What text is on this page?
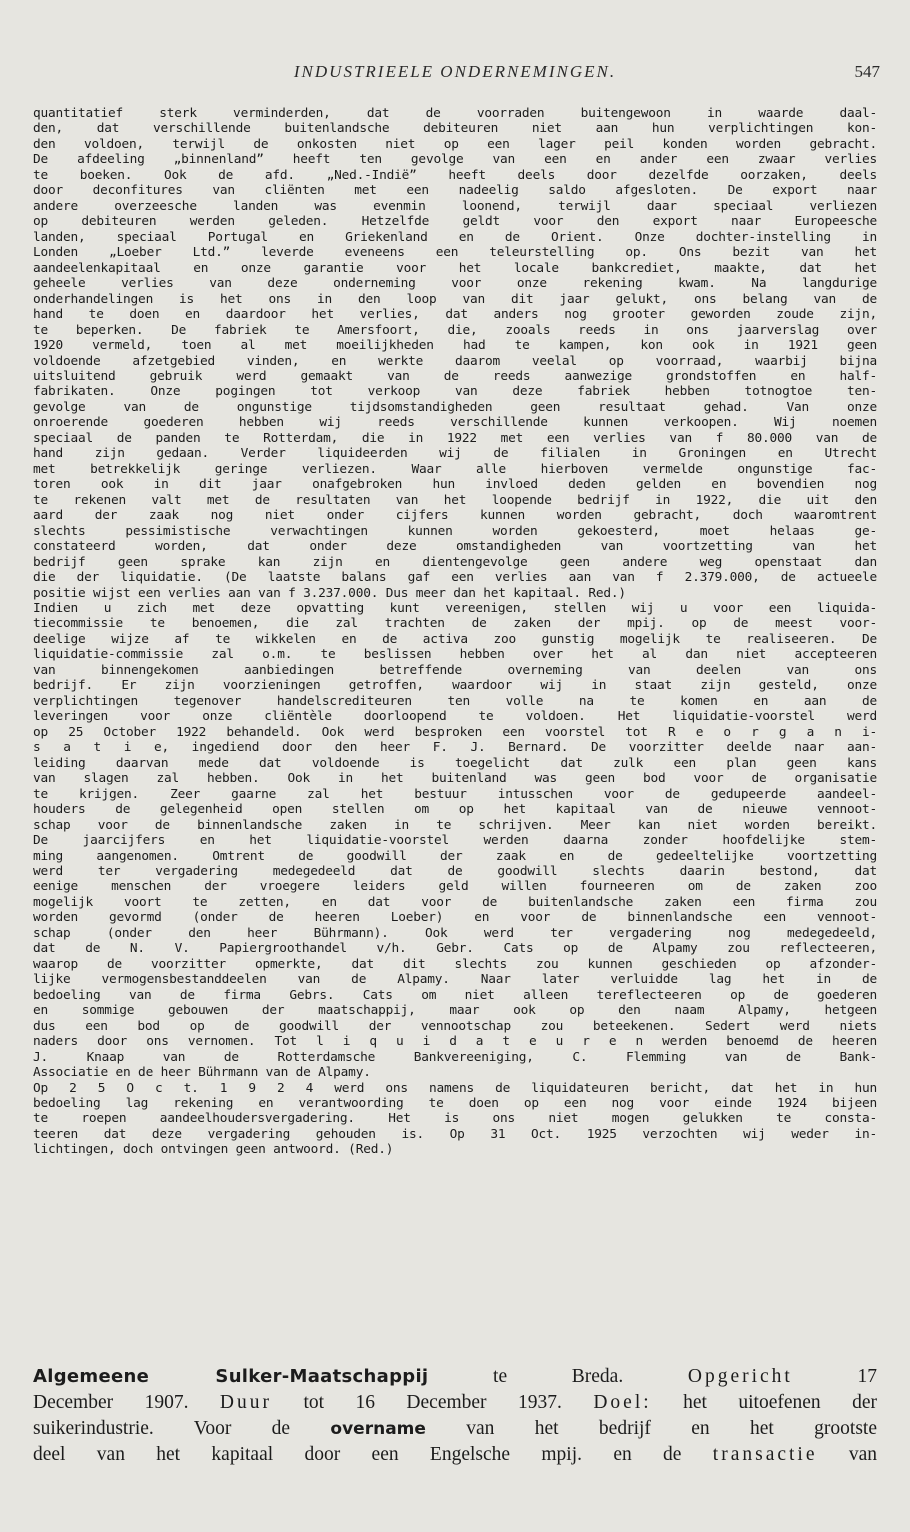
INDUSTRIEELE ONDERNEMINGEN.	547
quantitatief sterk verminderden, dat de voorraden buitengewoon in waarde daal-
den, dat verschillende buitenlandsche debiteuren niet aan hun verplichtingen kon-
den voldoen, terwijl de onkosten niet op een lager peil konden worden gebracht.
De afdeeling „binnenland” heeft ten gevolge van een en ander een zwaar verlies
te boeken. Ook de afd. „Ned.-Indië” heeft deels door dezelfde oorzaken, deels
door deconfitures van cliënten met een nadeelig saldo afgesloten. De export naar
andere overzeesche landen was evenmin loonend, terwijl daar speciaal verliezen
op debiteuren werden geleden. Hetzelfde geldt voor den export naar Europeesche
landen, speciaal Portugal en Griekenland en de Orient. Onze dochter-instelling in
Londen „Loeber Ltd.” leverde eveneens een teleurstelling op. Ons bezit van het
aandeelenkapitaal en onze garantie voor het locale bankcrediet, maakte, dat het
geheele verlies van deze onderneming voor onze rekening kwam. Na langdurige
onderhandelingen is het ons in den loop van dit jaar gelukt, ons belang van de
hand te doen en daardoor het verlies, dat anders nog grooter geworden zoude zijn,
te beperken. De fabriek te Amersfoort, die, zooals reeds in ons jaarverslag over
1920 vermeld, toen al met moeilijkheden had te kampen, kon ook in 1921 geen
voldoende afzetgebied vinden, en werkte daarom veelal op voorraad, waarbij bijna
uitsluitend gebruik werd gemaakt van de reeds aanwezige grondstoffen en half-
fabrikaten. Onze pogingen tot verkoop van deze fabriek hebben totnogtoe ten-
gevolge van de ongunstige tijdsomstandigheden geen resultaat gehad. Van onze
onroerende goederen hebben wij reeds verschillende kunnen verkoopen. Wij noemen
speciaal de panden te Rotterdam, die in 1922 met een verlies van f 80.000 van de
hand zijn gedaan. Verder liquideerden wij de filialen in Groningen en Utrecht
met betrekkelijk geringe verliezen. Waar alle hierboven vermelde ongunstige fac-
toren ook in dit jaar onafgebroken hun invloed deden gelden en bovendien nog
te rekenen valt met de resultaten van het loopende bedrijf in 1922, die uit den
aard der zaak nog niet onder cijfers kunnen worden gebracht, doch waaromtrent
slechts pessimistische verwachtingen kunnen worden gekoesterd, moet helaas ge-
constateerd worden, dat onder deze omstandigheden van voortzetting van het
bedrijf geen sprake kan zijn en dientengevolge geen andere weg openstaat dan
die der liquidatie. (De laatste balans gaf een verlies aan van f 2.379.000, de actueele
positie wijst een verlies aan van f 3.237.000. Dus meer dan het kapitaal. Red.)
Indien u zich met deze opvatting kunt vereenigen, stellen wij u voor een liquida-
tiecommissie te benoemen, die zal trachten de zaken der mpij. op de meest voor-
deelige wijze af te wikkelen en de activa zoo gunstig mogelijk te realiseeren. De
liquidatie-commissie zal o.m. te beslissen hebben over het al dan niet accepteeren
van binnengekomen aanbiedingen betreffende overneming van deelen van ons
bedrijf. Er zijn voorzieningen getroffen, waardoor wij in staat zijn gesteld, onze
verplichtingen tegenover handelscrediteuren ten volle na te komen en aan de
leveringen voor onze cliëntèle doorloopend te voldoen. Het liquidatie-voorstel werd
op 25 October 1922 behandeld. Ook werd besproken een voorstel tot R e o r g a n i-
s a t i e, ingediend door den heer F. J. Bernard. De voorzitter deelde naar aan-
leiding daarvan mede dat voldoende is toegelicht dat zulk een plan geen kans
van slagen zal hebben. Ook in het buitenland was geen bod voor de organisatie
te krijgen. Zeer gaarne zal het bestuur intusschen voor de gedupeerde aandeel-
houders de gelegenheid open stellen om op het kapitaal van de nieuwe vennoot-
schap voor de binnenlandsche zaken in te schrijven. Meer kan niet worden bereikt.
De jaarcijfers en het liquidatie-voorstel werden daarna zonder hoofdelijke stem-
ming aangenomen. Omtrent de goodwill der zaak en de gedeeltelijke voortzetting
werd ter vergadering medegedeeld dat de goodwill slechts daarin bestond, dat
eenige menschen der vroegere leiders geld willen fourneeren om de zaken zoo
mogelijk voort te zetten, en dat voor de buitenlandsche zaken een firma zou
worden gevormd (onder de heeren Loeber) en voor de binnenlandsche een vennoot-
schap (onder den heer Bührmann). Ook werd ter vergadering nog medegedeeld,
dat de N. V. Papiergroothandel v/h. Gebr. Cats op de Alpamy zou reflecteeren,
waarop de voorzitter opmerkte, dat dit slechts zou kunnen geschieden op afzonder-
lijke vermogensbestanddeelen van de Alpamy. Naar later verluidde lag het in de
bedoeling van de firma Gebrs. Cats om niet alleen tereflecteeren op de goederen
en sommige gebouwen der maatschappij, maar ook op den naam Alpamy, hetgeen
dus een bod op de goodwill der vennootschap zou beteekenen. Sedert werd niets
naders door ons vernomen. Tot l i q u i d a t e u r e n werden benoemd de heeren
J. Knaap van de Rotterdamsche Bankvereeniging, C. Flemming van de Bank-
Associatie en de heer Bührmann van de Alpamy.
Op 2 5 O c t. 1 9 2 4 werd ons namens de liquidateuren bericht, dat het in hun
bedoeling lag rekening en verantwoording te doen op een nog voor einde 1924 bijeen
te roepen aandeelhoudersvergadering. Het is ons niet mogen gelukken te consta-
teeren dat deze vergadering gehouden is. Op 31 Oct. 1925 verzochten wij weder in-
lichtingen, doch ontvingen geen antwoord. (Red.)
Algemeene Sulker-Maatschappij	te Breda.	Opgericht	17
December 1907. Duur tot 16 December 1937. Doel: het uitoefenen der
suikerindustrie. Voor de overname van het bedrijf en het grootste
deel van het kapitaal door een Engelsche mpij. en de transactie van
